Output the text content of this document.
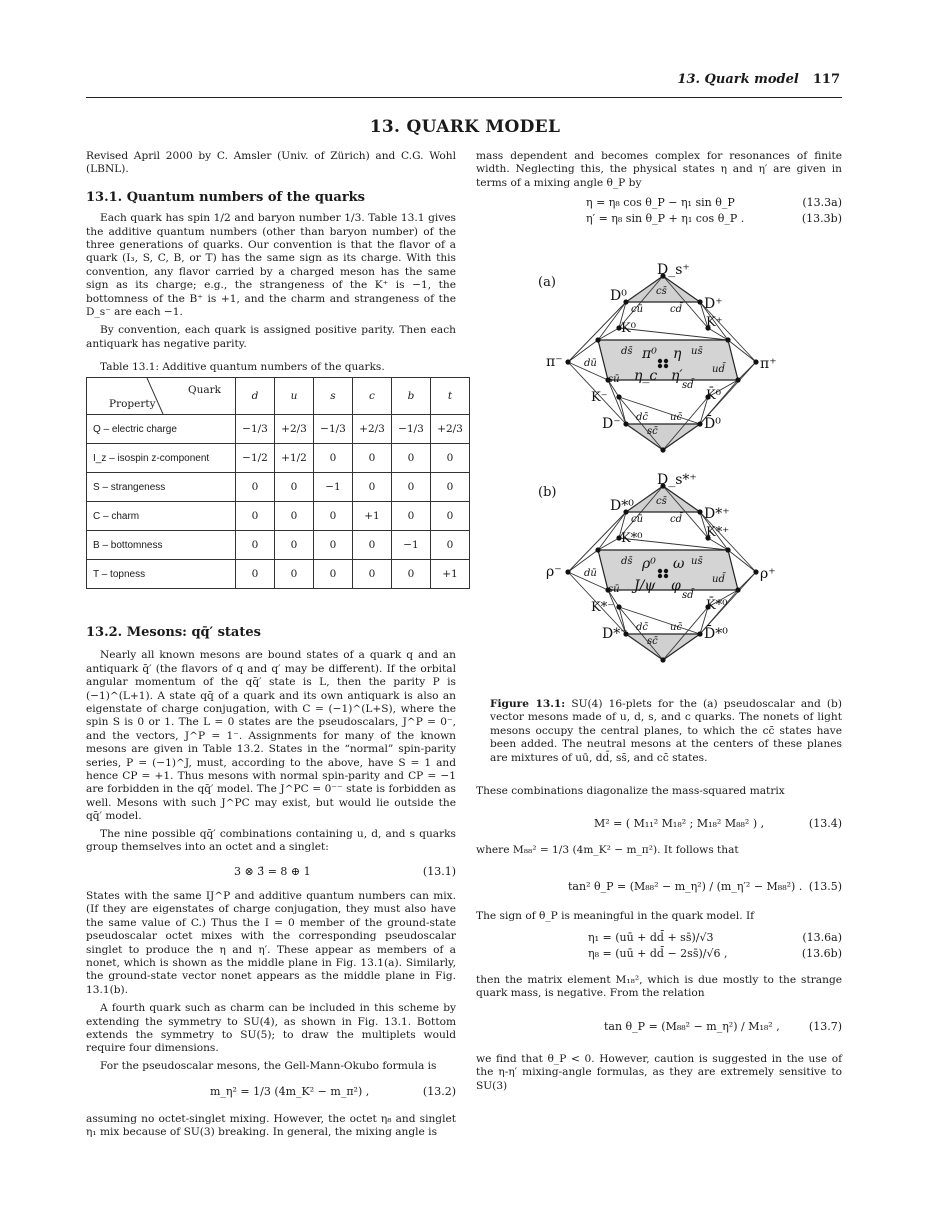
13. Quark model 117
13. QUARK MODEL

Revised April 2000 by C. Amsler (Univ. of Zürich) and C.G. Wohl (LBNL).

13.1. Quantum numbers of the quarks

Each quark has spin 1/2 and baryon number 1/3. Table 13.1 gives the additive quantum numbers (other than baryon number) of the three generations of quarks. Our convention is that the flavor of a quark (I₃, S, C, B, or T) has the same sign as its charge. With this convention, any flavor carried by a charged meson has the same sign as its charge; e.g., the strangeness of the K⁺ is −1, the bottomness of the B⁺ is +1, and the charm and strangeness of the D_s⁻ are each −1.

By convention, each quark is assigned positive parity. Then each antiquark has negative parity.

Table 13.1: Additive quantum numbers of the quarks.

Quark
Property	d	u	s	c	b	t
Q – electric charge	−1/3	+2/3	−1/3	+2/3	−1/3	+2/3
I_z – isospin z-component	−1/2	+1/2	0	0	0	0
S – strangeness	0	0	−1	0	0	0
C – charm	0	0	0	+1	0	0
B – bottomness	0	0	0	0	−1	0
T – topness	0	0	0	0	0	+1
13.2. Mesons: qq̄′ states

Nearly all known mesons are bound states of a quark q and an antiquark q̄′ (the flavors of q and q′ may be different). If the orbital angular momentum of the qq̄′ state is L, then the parity P is (−1)^(L+1). A state qq̄ of a quark and its own antiquark is also an eigenstate of charge conjugation, with C = (−1)^(L+S), where the spin S is 0 or 1. The L = 0 states are the pseudoscalars, J^P = 0⁻, and the vectors, J^P = 1⁻. Assignments for many of the known mesons are given in Table 13.2. States in the “normal” spin-parity series, P = (−1)^J, must, according to the above, have S = 1 and hence CP = +1. Thus mesons with normal spin-parity and CP = −1 are forbidden in the qq̄′ model. The J^PC = 0⁻⁻ state is forbidden as well. Mesons with such J^PC may exist, but would lie outside the qq̄′ model.

The nine possible qq̄′ combinations containing u, d, and s quarks group themselves into an octet and a singlet:

3 ⊗ 3̄ = 8 ⊕ 1	(13.1)

States with the same IJ^P and additive quantum numbers can mix. (If they are eigenstates of charge conjugation, they must also have the same value of C.) Thus the I = 0 member of the ground-state pseudoscalar octet mixes with the corresponding pseudoscalar singlet to produce the η and η′. These appear as members of a nonet, which is shown as the middle plane in Fig. 13.1(a). Similarly, the ground-state vector nonet appears as the middle plane in Fig. 13.1(b).

A fourth quark such as charm can be included in this scheme by extending the symmetry to SU(4), as shown in Fig. 13.1. Bottom extends the symmetry to SU(5); to draw the multiplets would require four dimensions.

For the pseudoscalar mesons, the Gell-Mann-Okubo formula is

m_η² = 1/3 (4m_K² − m_π²) ,	(13.2)

assuming no octet-singlet mixing. However, the octet η₈ and singlet η₁ mix because of SU(3) breaking. In general, the mixing angle is

mass dependent and becomes complex for resonances of finite width. Neglecting this, the physical states η and η′ are given in terms of a mixing angle θ_P by

η = η₈ cos θ_P − η₁ sin θ_P	(13.3a)
η′ = η₈ sin θ_P + η₁ cos θ_P .	(13.3b)
D_s⁺
D⁰	D⁺
K⁰	K⁺
π⁻	π⁺
K⁻	K̄⁰
D⁻	D̄⁰
π⁰ η
η_c η′
cs̄
cū	cd̄
ds̄	us̄
dū
ud̄
sū
sd̄
dc̄ uc̄
sc̄
(a)
D_s*⁺
D*⁰	D*⁺
K*⁰	K*⁺
ρ⁻	ρ⁺
K*⁻	K̄*⁰
D*⁻	D̄*⁰
ρ⁰ ω
J/ψ φ
cs̄
cū	cd̄
ds̄	us̄
dū
ud̄
sū
sd̄
dc̄ uc̄
sc̄
(b)

Figure 13.1: SU(4) 16-plets for the (a) pseudoscalar and (b) vector mesons made of u, d, s, and c quarks. The nonets of light mesons occupy the central planes, to which the cc̄ states have been added. The neutral mesons at the centers of these planes are mixtures of uū, dd̄, ss̄, and cc̄ states.

These combinations diagonalize the mass-squared matrix

M² = ( M₁₁² M₁₈² ; M₁₈² M₈₈² ) ,	(13.4)

where M₈₈² = 1/3 (4m_K² − m_π²). It follows that

tan² θ_P = (M₈₈² − m_η²) / (m_η′² − M₈₈²) . (13.5)

The sign of θ_P is meaningful in the quark model. If

η₁ = (uū + dd̄ + ss̄)/√3	(13.6a)
η₈ = (uū + dd̄ − 2ss̄)/√6 ,	(13.6b)

then the matrix element M₁₈², which is due mostly to the strange quark mass, is negative. From the relation

tan θ_P = (M₈₈² − m_η²) / M₁₈² ,	(13.7)

we find that θ_P < 0. However, caution is suggested in the use of the η-η′ mixing-angle formulas, as they are extremely sensitive to SU(3)
